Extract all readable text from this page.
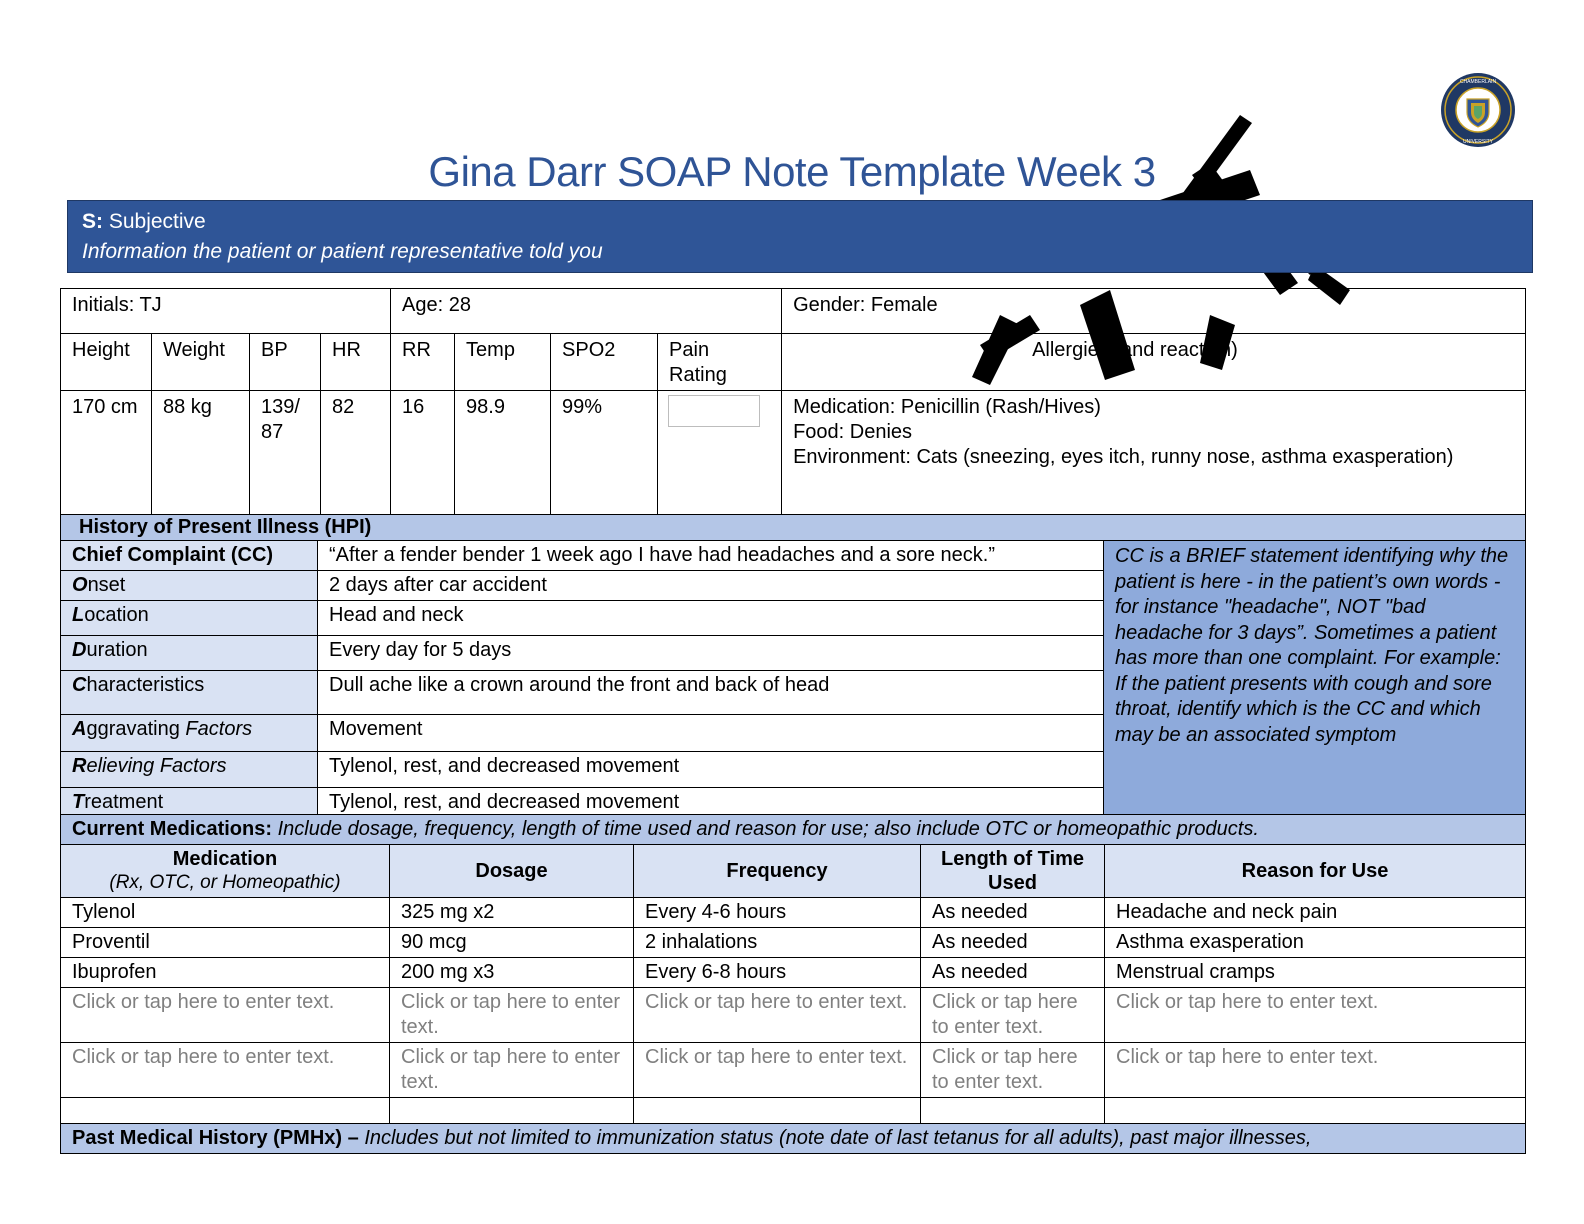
CHAMBERLAIN
UNIVERSITY
Gina Darr SOAP Note Template Week 3
S: Subjective
Information the patient or patient representative told you
Initials: TJ				Age: 28				Gender: Female
Height	Weight	BP	HR	RR	Temp	SPO2	Pain Rating	Allergies (and reaction)
170 cm	88 kg	139/ 87	82	16	98.9	99%		Medication: Penicillin (Rash/Hives)
Food: Denies
Environment: Cats (sneezing, eyes itch, runny nose, asthma exasperation)
History of Present Illness (HPI)		
Chief Complaint (CC)	“After a fender bender 1 week ago I have had headaches and a sore neck.”	CC is a BRIEF statement identifying why the patient is here - in the patient’s own words - for instance "headache", NOT "bad headache for 3 days”. Sometimes a patient has more than one complaint. For example: If the patient presents with cough and sore throat, identify which is the CC and which may be an associated symptom
Onset	2 days after car accident	
Location	Head and neck	
Duration	Every day for 5 days	
Characteristics	Dull ache like a crown around the front and back of head	
Aggravating Factors	Movement	
Relieving Factors	Tylenol, rest, and decreased movement	
Treatment	Tylenol, rest, and decreased movement	
Current Medications: Include dosage, frequency, length of time used and reason for use; also include OTC or homeopathic products.				

Medication
(Rx, OTC, or Homeopathic)	Dosage	Frequency	Length of Time Used	Reason for Use
Tylenol	325 mg x2	Every 4-6 hours	As needed	Headache and neck pain
Proventil	90 mcg	2 inhalations	As needed	Asthma exasperation
Ibuprofen	200 mg x3	Every 6-8 hours	As needed	Menstrual cramps
Click or tap here to enter text.	Click or tap here to enter text.	Click or tap here to enter text.	Click or tap here to enter text.	Click or tap here to enter text.
Click or tap here to enter text.	Click or tap here to enter text.	Click or tap here to enter text.	Click or tap here to enter text.	Click or tap here to enter text.

Past Medical History (PMHx) – Includes but not limited to immunization status (note date of last tetanus for all adults), past major illnesses,				
